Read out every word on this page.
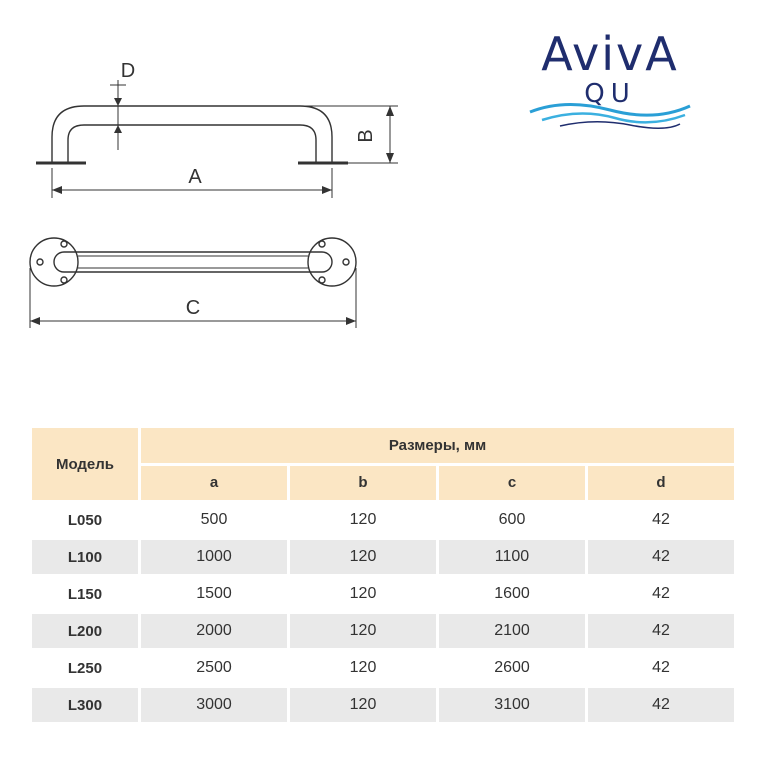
A
B
C
D	AvivA
QU
Модель	Размеры, мм			
	a	b	c	d
L050	500	120	600	42
L100	1000	120	1100	42
L150	1500	120	1600	42
L200	2000	120	2100	42
L250	2500	120	2600	42
L300	3000	120	3100	42
